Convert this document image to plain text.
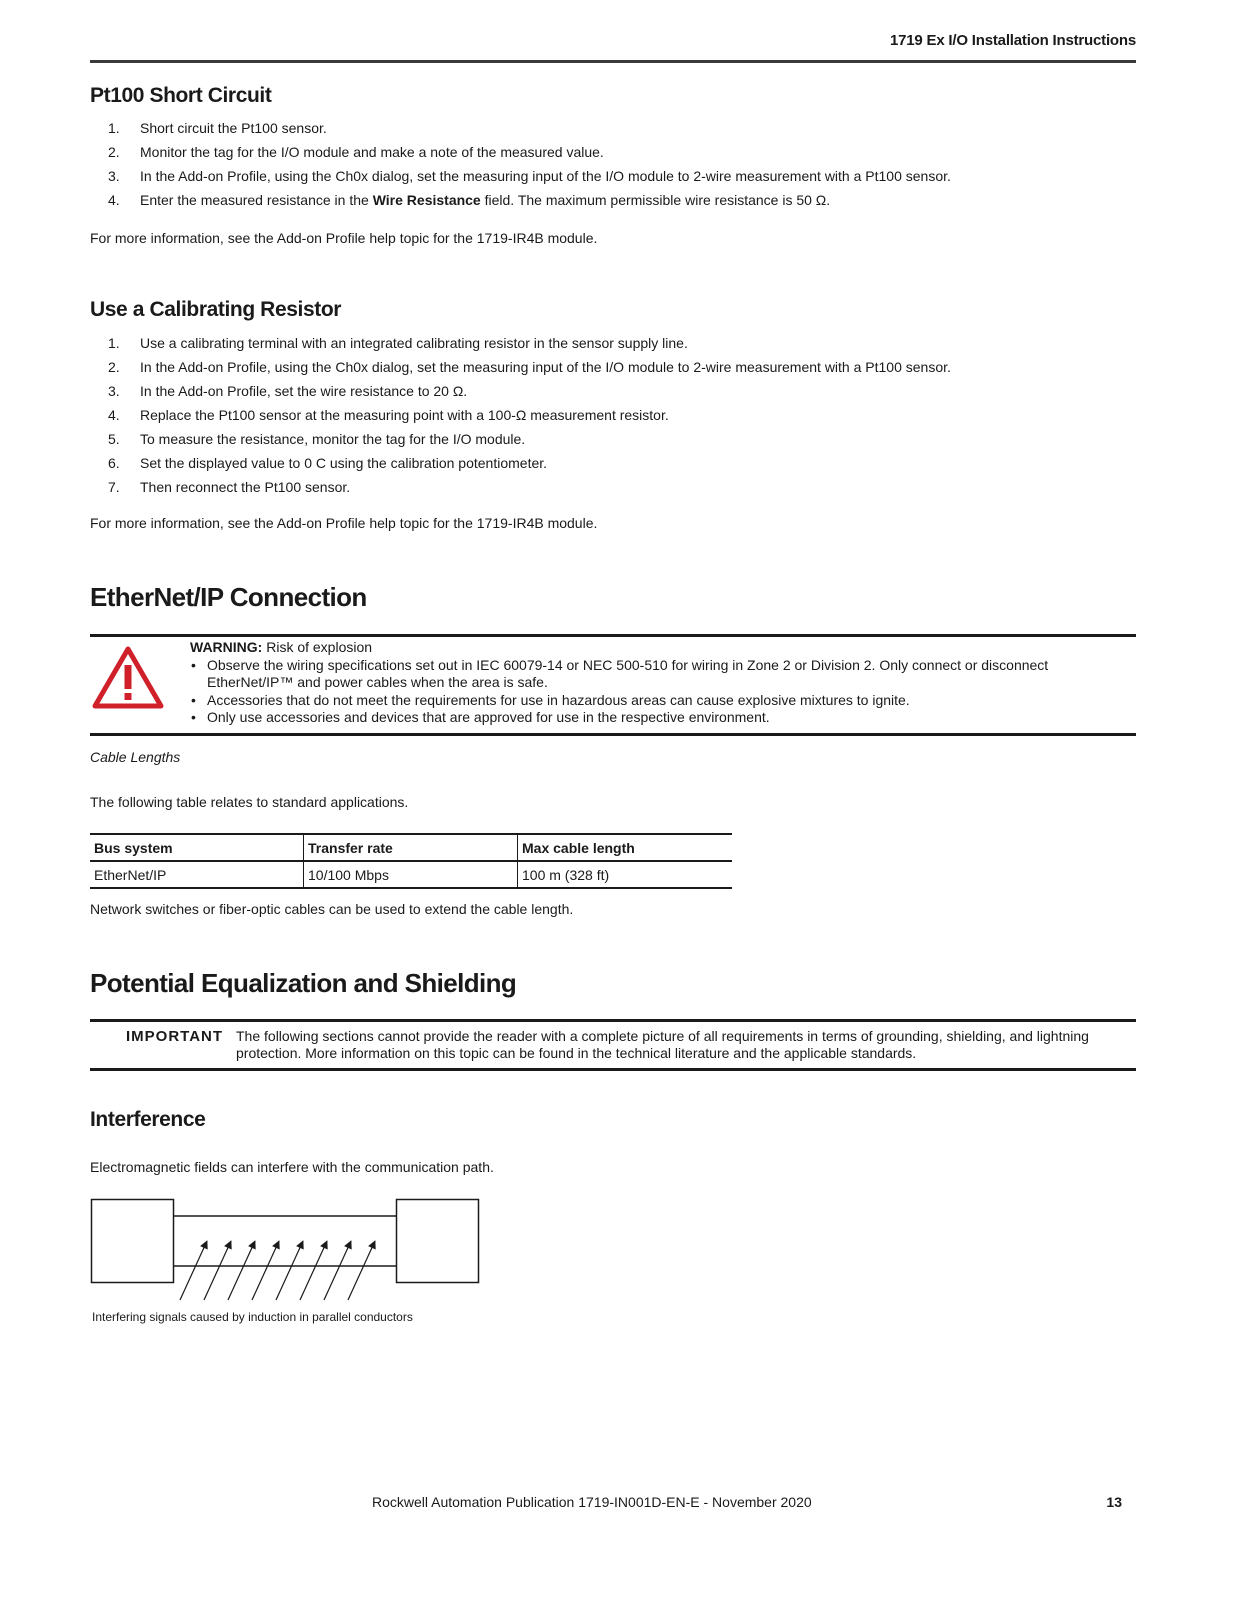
1719 Ex I/O Installation Instructions
Pt100 Short Circuit
1. Short circuit the Pt100 sensor.
2. Monitor the tag for the I/O module and make a note of the measured value.
3. In the Add-on Profile, using the Ch0x dialog, set the measuring input of the I/O module to 2-wire measurement with a Pt100 sensor.
4. Enter the measured resistance in the Wire Resistance field. The maximum permissible wire resistance is 50 Ω.
For more information, see the Add-on Profile help topic for the 1719-IR4B module.
Use a Calibrating Resistor
1. Use a calibrating terminal with an integrated calibrating resistor in the sensor supply line.
2. In the Add-on Profile, using the Ch0x dialog, set the measuring input of the I/O module to 2-wire measurement with a Pt100 sensor.
3. In the Add-on Profile, set the wire resistance to 20 Ω.
4. Replace the Pt100 sensor at the measuring point with a 100-Ω measurement resistor.
5. To measure the resistance, monitor the tag for the I/O module.
6. Set the displayed value to 0 C using the calibration potentiometer.
7. Then reconnect the Pt100 sensor.
For more information, see the Add-on Profile help topic for the 1719-IR4B module.
EtherNet/IP Connection
WARNING: Risk of explosion
• Observe the wiring specifications set out in IEC 60079-14 or NEC 500-510 for wiring in Zone 2 or Division 2. Only connect or disconnect EtherNet/IP™ and power cables when the area is safe.
• Accessories that do not meet the requirements for use in hazardous areas can cause explosive mixtures to ignite.
• Only use accessories and devices that are approved for use in the respective environment.
Cable Lengths
The following table relates to standard applications.
Bus system	Transfer rate	Max cable length
EtherNet/IP	10/100 Mbps	100 m (328 ft)
Network switches or fiber-optic cables can be used to extend the cable length.
Potential Equalization and Shielding
IMPORTANT The following sections cannot provide the reader with a complete picture of all requirements in terms of grounding, shielding, and lightning protection. More information on this topic can be found in the technical literature and the applicable standards.
Interference
Electromagnetic fields can interfere with the communication path.
Interfering signals caused by induction in parallel conductors
Rockwell Automation Publication 1719-IN001D-EN-E - November 2020	13
